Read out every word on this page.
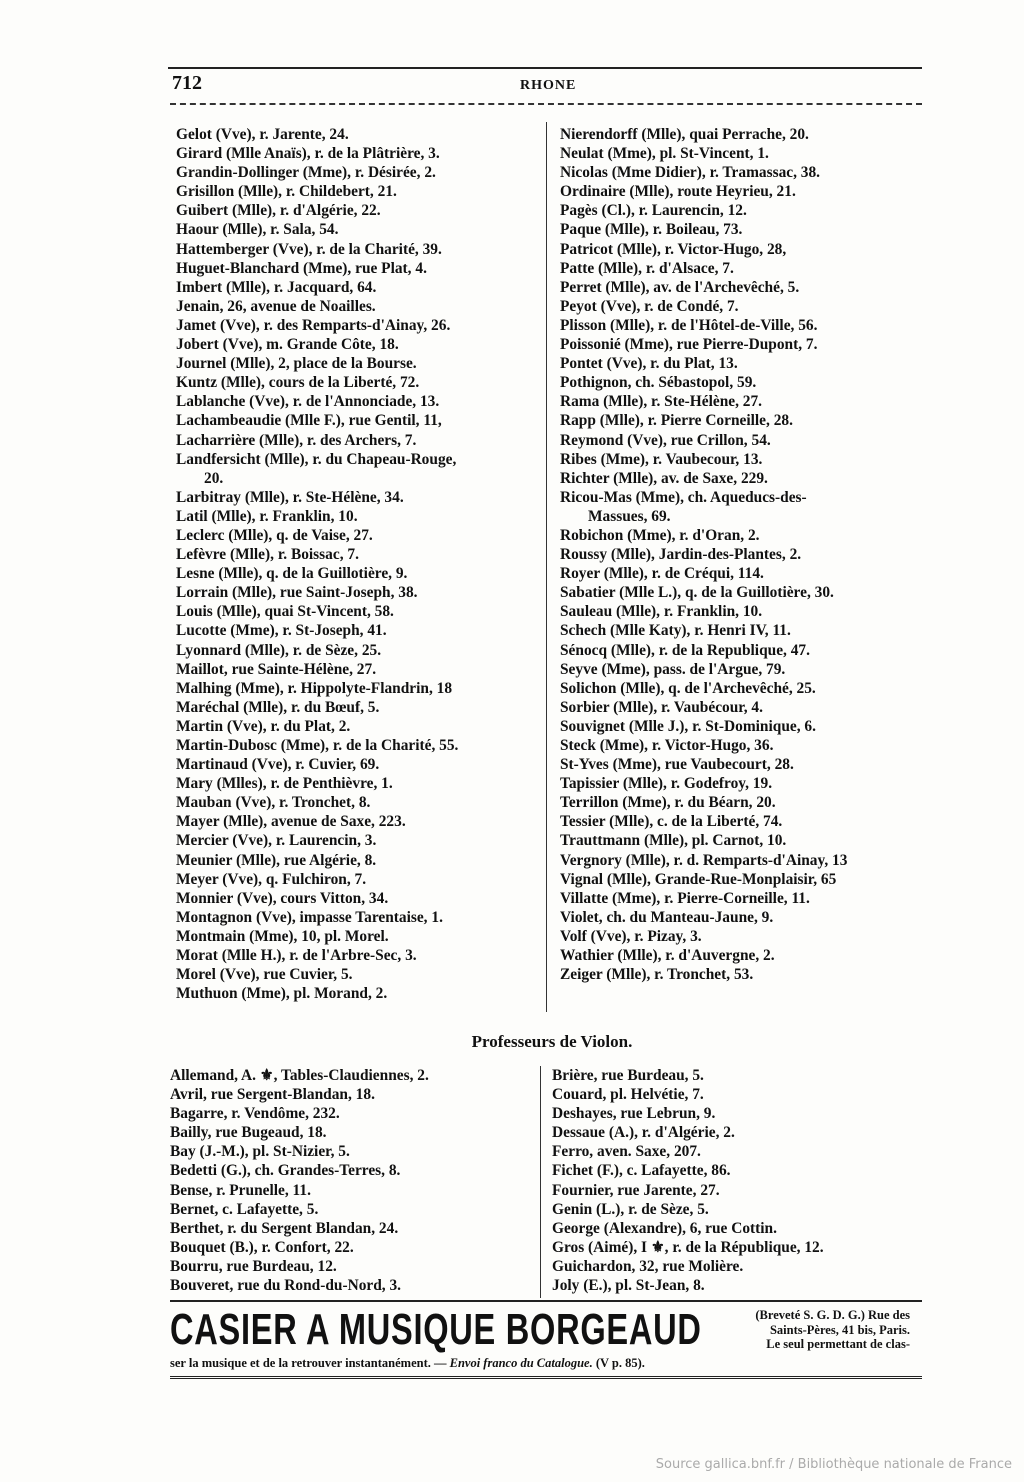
712	RHONE
Gelot (Vve), r. Jarente, 24.
Girard (Mlle Anaïs), r. de la Plâtrière, 3.
Grandin-Dollinger (Mme), r. Désirée, 2.
Grisillon (Mlle), r. Childebert, 21.
Guibert (Mlle), r. d'Algérie, 22.
Haour (Mlle), r. Sala, 54.
Hattemberger (Vve), r. de la Charité, 39.
Huguet-Blanchard (Mme), rue Plat, 4.
Imbert (Mlle), r. Jacquard, 64.
Jenain, 26, avenue de Noailles.
Jamet (Vve), r. des Remparts-d'Ainay, 26.
Jobert (Vve), m. Grande Côte, 18.
Journel (Mlle), 2, place de la Bourse.
Kuntz (Mlle), cours de la Liberté, 72.
Lablanche (Vve), r. de l'Annonciade, 13.
Lachambeaudie (Mlle F.), rue Gentil, 11,
Lacharrière (Mlle), r. des Archers, 7.
Landfersicht (Mlle), r. du Chapeau-Rouge,
20.
Larbitray (Mlle), r. Ste-Hélène, 34.
Latil (Mlle), r. Franklin, 10.
Leclerc (Mlle), q. de Vaise, 27.
Lefèvre (Mlle), r. Boissac, 7.
Lesne (Mlle), q. de la Guillotière, 9.
Lorrain (Mlle), rue Saint-Joseph, 38.
Louis (Mlle), quai St-Vincent, 58.
Lucotte (Mme), r. St-Joseph, 41.
Lyonnard (Mlle), r. de Sèze, 25.
Maillot, rue Sainte-Hélène, 27.
Malhing (Mme), r. Hippolyte-Flandrin, 18
Maréchal (Mlle), r. du Bœuf, 5.
Martin (Vve), r. du Plat, 2.
Martin-Dubosc (Mme), r. de la Charité, 55.
Martinaud (Vve), r. Cuvier, 69.
Mary (Mlles), r. de Penthièvre, 1.
Mauban (Vve), r. Tronchet, 8.
Mayer (Mlle), avenue de Saxe, 223.
Mercier (Vve), r. Laurencin, 3.
Meunier (Mlle), rue Algérie, 8.
Meyer (Vve), q. Fulchiron, 7.
Monnier (Vve), cours Vitton, 34.
Montagnon (Vve), impasse Tarentaise, 1.
Montmain (Mme), 10, pl. Morel.
Morat (Mlle H.), r. de l'Arbre-Sec, 3.
Morel (Vve), rue Cuvier, 5.
Muthuon (Mme), pl. Morand, 2.
Nierendorff (Mlle), quai Perrache, 20.
Neulat (Mme), pl. St-Vincent, 1.
Nicolas (Mme Didier), r. Tramassac, 38.
Ordinaire (Mlle), route Heyrieu, 21.
Pagès (Cl.), r. Laurencin, 12.
Paque (Mlle), r. Boileau, 73.
Patricot (Mlle), r. Victor-Hugo, 28,
Patte (Mlle), r. d'Alsace, 7.
Perret (Mlle), av. de l'Archevêché, 5.
Peyot (Vve), r. de Condé, 7.
Plisson (Mlle), r. de l'Hôtel-de-Ville, 56.
Poissonié (Mme), rue Pierre-Dupont, 7.
Pontet (Vve), r. du Plat, 13.
Pothignon, ch. Sébastopol, 59.
Rama (Mlle), r. Ste-Hélène, 27.
Rapp (Mlle), r. Pierre Corneille, 28.
Reymond (Vve), rue Crillon, 54.
Ribes (Mme), r. Vaubecour, 13.
Richter (Mlle), av. de Saxe, 229.
Ricou-Mas (Mme), ch. Aqueducs-des-
Massues, 69.
Robichon (Mme), r. d'Oran, 2.
Roussy (Mlle), Jardin-des-Plantes, 2.
Royer (Mlle), r. de Créqui, 114.
Sabatier (Mlle L.), q. de la Guillotière, 30.
Sauleau (Mlle), r. Franklin, 10.
Schech (Mlle Katy), r. Henri IV, 11.
Sénocq (Mlle), r. de la Republique, 47.
Seyve (Mme), pass. de l'Argue, 79.
Solichon (Mlle), q. de l'Archevêché, 25.
Sorbier (Mlle), r. Vaubécour, 4.
Souvignet (Mlle J.), r. St-Dominique, 6.
Steck (Mme), r. Victor-Hugo, 36.
St-Yves (Mme), rue Vaubecourt, 28.
Tapissier (Mlle), r. Godefroy, 19.
Terrillon (Mme), r. du Béarn, 20.
Tessier (Mlle), c. de la Liberté, 74.
Trauttmann (Mlle), pl. Carnot, 10.
Vergnory (Mlle), r. d. Remparts-d'Ainay, 13
Vignal (Mlle), Grande-Rue-Monplaisir, 65
Villatte (Mme), r. Pierre-Corneille, 11.
Violet, ch. du Manteau-Jaune, 9.
Volf (Vve), r. Pizay, 3.
Wathier (Mlle), r. d'Auvergne, 2.
Zeiger (Mlle), r. Tronchet, 53.
Professeurs de Violon.
Allemand, A. ⚜, Tables-Claudiennes, 2.
Avril, rue Sergent-Blandan, 18.
Bagarre, r. Vendôme, 232.
Bailly, rue Bugeaud, 18.
Bay (J.-M.), pl. St-Nizier, 5.
Bedetti (G.), ch. Grandes-Terres, 8.
Bense, r. Prunelle, 11.
Bernet, c. Lafayette, 5.
Berthet, r. du Sergent Blandan, 24.
Bouquet (B.), r. Confort, 22.
Bourru, rue Burdeau, 12.
Bouveret, rue du Rond-du-Nord, 3.
Brière, rue Burdeau, 5.
Couard, pl. Helvétie, 7.
Deshayes, rue Lebrun, 9.
Dessaue (A.), r. d'Algérie, 2.
Ferro, aven. Saxe, 207.
Fichet (F.), c. Lafayette, 86.
Fournier, rue Jarente, 27.
Genin (L.), r. de Sèze, 5.
George (Alexandre), 6, rue Cottin.
Gros (Aimé), I ⚜, r. de la République, 12.
Guichardon, 32, rue Molière.
Joly (E.), pl. St-Jean, 8.
CASIER A MUSIQUE BORGEAUD	(Breveté S. G. D. G.) Rue des
Saints-Pères, 41 bis, Paris.
Le seul permettant de clas-
ser la musique et de la retrouver instantanément. — Envoi franco du Catalogue. (V p. 85).
Source gallica.bnf.fr / Bibliothèque nationale de France
